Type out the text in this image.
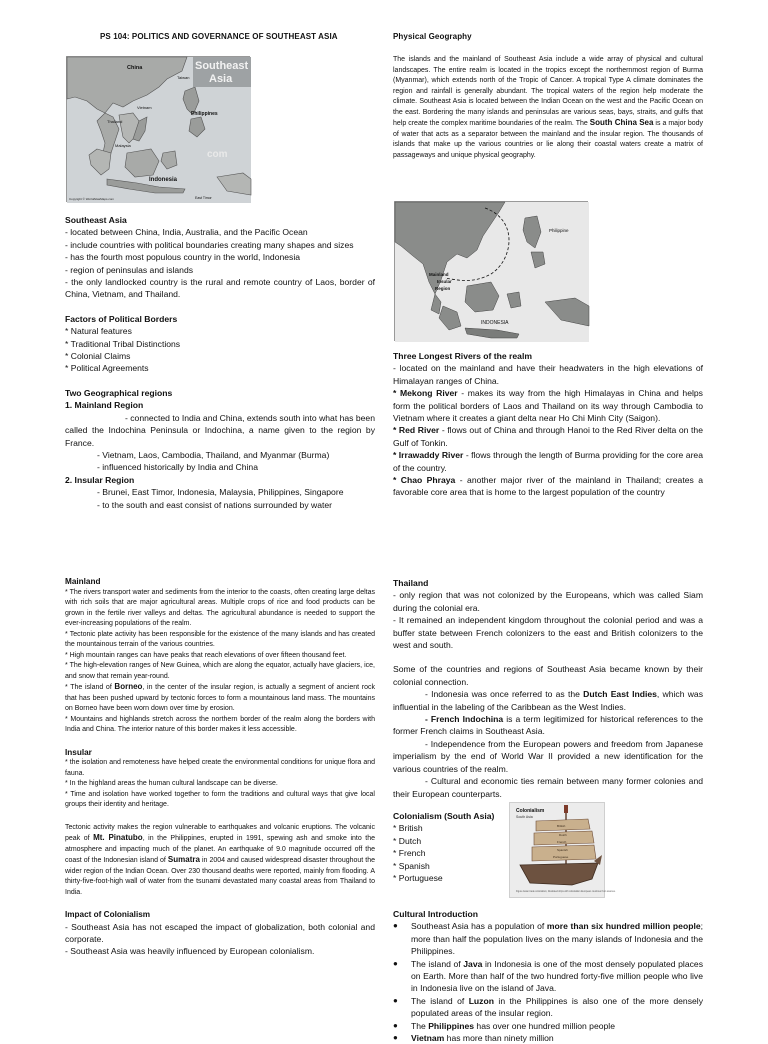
PS 104: POLITICS AND GOVERNANCE OF SOUTHEAST ASIA
China	Southeast
Asia
Taiwan
Philippines
Thailand
Vietnam
Malaysia
com
Indonesia
East Timor
Copyright © WorldAtlasMaps.com
Southeast Asia
- located between China, India, Australia, and the Pacific Ocean
- include countries with political boundaries creating many shapes and sizes
- has the fourth most populous country in the world, Indonesia
- region of peninsulas and islands
- the only landlocked country is the rural and remote country of Laos, border of China, Vietnam, and Thailand.
Factors of Political Borders
* Natural features
* Traditional Tribal Distinctions
* Colonial Claims
* Political Agreements
Two Geographical regions
1. Mainland Region
- connected to India and China, extends south into what has been called the Indochina Peninsula or Indochina, a name given to the region by France.
- Vietnam, Laos, Cambodia, Thailand, and Myanmar (Burma)
- influenced historically by India and China
2. Insular Region
- Brunei, East Timor, Indonesia, Malaysia, Philippines, Singapore
- to the south and east consist of nations surrounded by water
Physical Geography
The islands and the mainland of Southeast Asia include a wide array of physical and cultural landscapes. The entire realm is located in the tropics except the northernmost region of Burma (Myanmar), which extends north of the Tropic of Cancer. A tropical Type A climate dominates the region and rainfall is generally abundant. The tropical waters of the region help moderate the climate. Southeast Asia is located between the Indian Ocean on the west and the Pacific Ocean on the east. Bordering the many islands and peninsulas are various seas, bays, straits, and gulfs that help create the complex maritime boundaries of the realm. The South China Sea is a major body of water that acts as a separator between the mainland and the insular region. The thousands of islands that make up the various countries or lie along their coastal waters create a matrix of passageways and unique physical geography.
Philippine
Mainland
Insular
Region
INDONESIA
Three Longest Rivers of the realm
- located on the mainland and have their headwaters in the high elevations of Himalayan ranges of China.
* Mekong River - makes its way from the high Himalayas in China and helps form the political borders of Laos and Thailand on its way through Cambodia to Vietnam where it creates a giant delta near Ho Chi Minh City (Saigon).
* Red River - flows out of China and through Hanoi to the Red River delta on the Gulf of Tonkin.
* Irrawaddy River - flows through the length of Burma providing for the core area of the country.
* Chao Phraya - another major river of the mainland in Thailand; creates a favorable core area that is home to the largest population of the country
Mainland
* The rivers transport water and sediments from the interior to the coasts, often creating large deltas with rich soils that are major agricultural areas. Multiple crops of rice and food products can be grown in the fertile river valleys and deltas. The agricultural abundance is needed to support the ever-increasing populations of the realm.
* Tectonic plate activity has been responsible for the existence of the many islands and has created the mountainous terrain of the various countries.
* High mountain ranges can have peaks that reach elevations of over fifteen thousand feet.
* The high-elevation ranges of New Guinea, which are along the equator, actually have glaciers, ice, and snow that remain year-round.
* The island of Borneo, in the center of the insular region, is actually a segment of ancient rock that has been pushed upward by tectonic forces to form a mountainous land mass. The mountains on Borneo have been worn down over time by erosion.
* Mountains and highlands stretch across the northern border of the realm along the borders with India and China. The interior nature of this border makes it less accessible.
Insular
* the isolation and remoteness have helped create the environmental conditions for unique flora and fauna.
* In the highland areas the human cultural landscape can be diverse.
* Time and isolation have worked together to form the traditions and cultural ways that give local groups their identity and heritage.
Tectonic activity makes the region vulnerable to earthquakes and volcanic eruptions. The volcanic peak of Mt. Pinatubo, in the Philippines, erupted in 1991, spewing ash and smoke into the atmosphere and impacting much of the planet. An earthquake of 9.0 magnitude occurred off the coast of the Indonesian island of Sumatra in 2004 and caused widespread disaster throughout the wider region of the Indian Ocean. Over 230 thousand deaths were reported, mainly from flooding. A thirty-five-foot-high wall of water from the tsunami devastated many coastal areas from Thailand to India.
Impact of Colonialism
- Southeast Asia has not escaped the impact of globalization, both colonial and corporate.
- Southeast Asia was heavily influenced by European colonialism.
Thailand
- only region that was not colonized by the Europeans, which was called Siam during the colonial era.
- It remained an independent kingdom throughout the colonial period and was a buffer state between French colonizers to the east and British colonizers to the west and south.
Some of the countries and regions of Southeast Asia became known by their colonial connection.
- Indonesia was once referred to as the Dutch East Indies, which was influential in the labeling of the Caribbean as the West Indies.
- French Indochina is a term legitimized for historical references to the former French claims in Southeast Asia.
- Independence from the European powers and freedom from Japanese imperialism by the end of World War II provided a new identification for the various countries of the realm.
- Cultural and economic ties remain between many former colonies and their European counterparts.
Colonialism (South Asia)
* British
* Dutch
* French
* Spanish
* Portuguese
Colonialism
South Asia
British
Dutch
French
Spanish
Portuguese
Figure Asian trade colonialism, illustrated ships with colonialism European countries from sources.
Cultural Introduction
● Southeast Asia has a population of more than six hundred million people; more than half the population lives on the many islands of Indonesia and the Philippines.
● The island of Java in Indonesia is one of the most densely populated places on Earth. More than half of the two hundred forty-five million people who live in Indonesia live on the island of Java.
● The island of Luzon in the Philippines is also one of the more densely populated areas of the insular region.
● The Philippines has over one hundred million people
● Vietnam has more than ninety million
